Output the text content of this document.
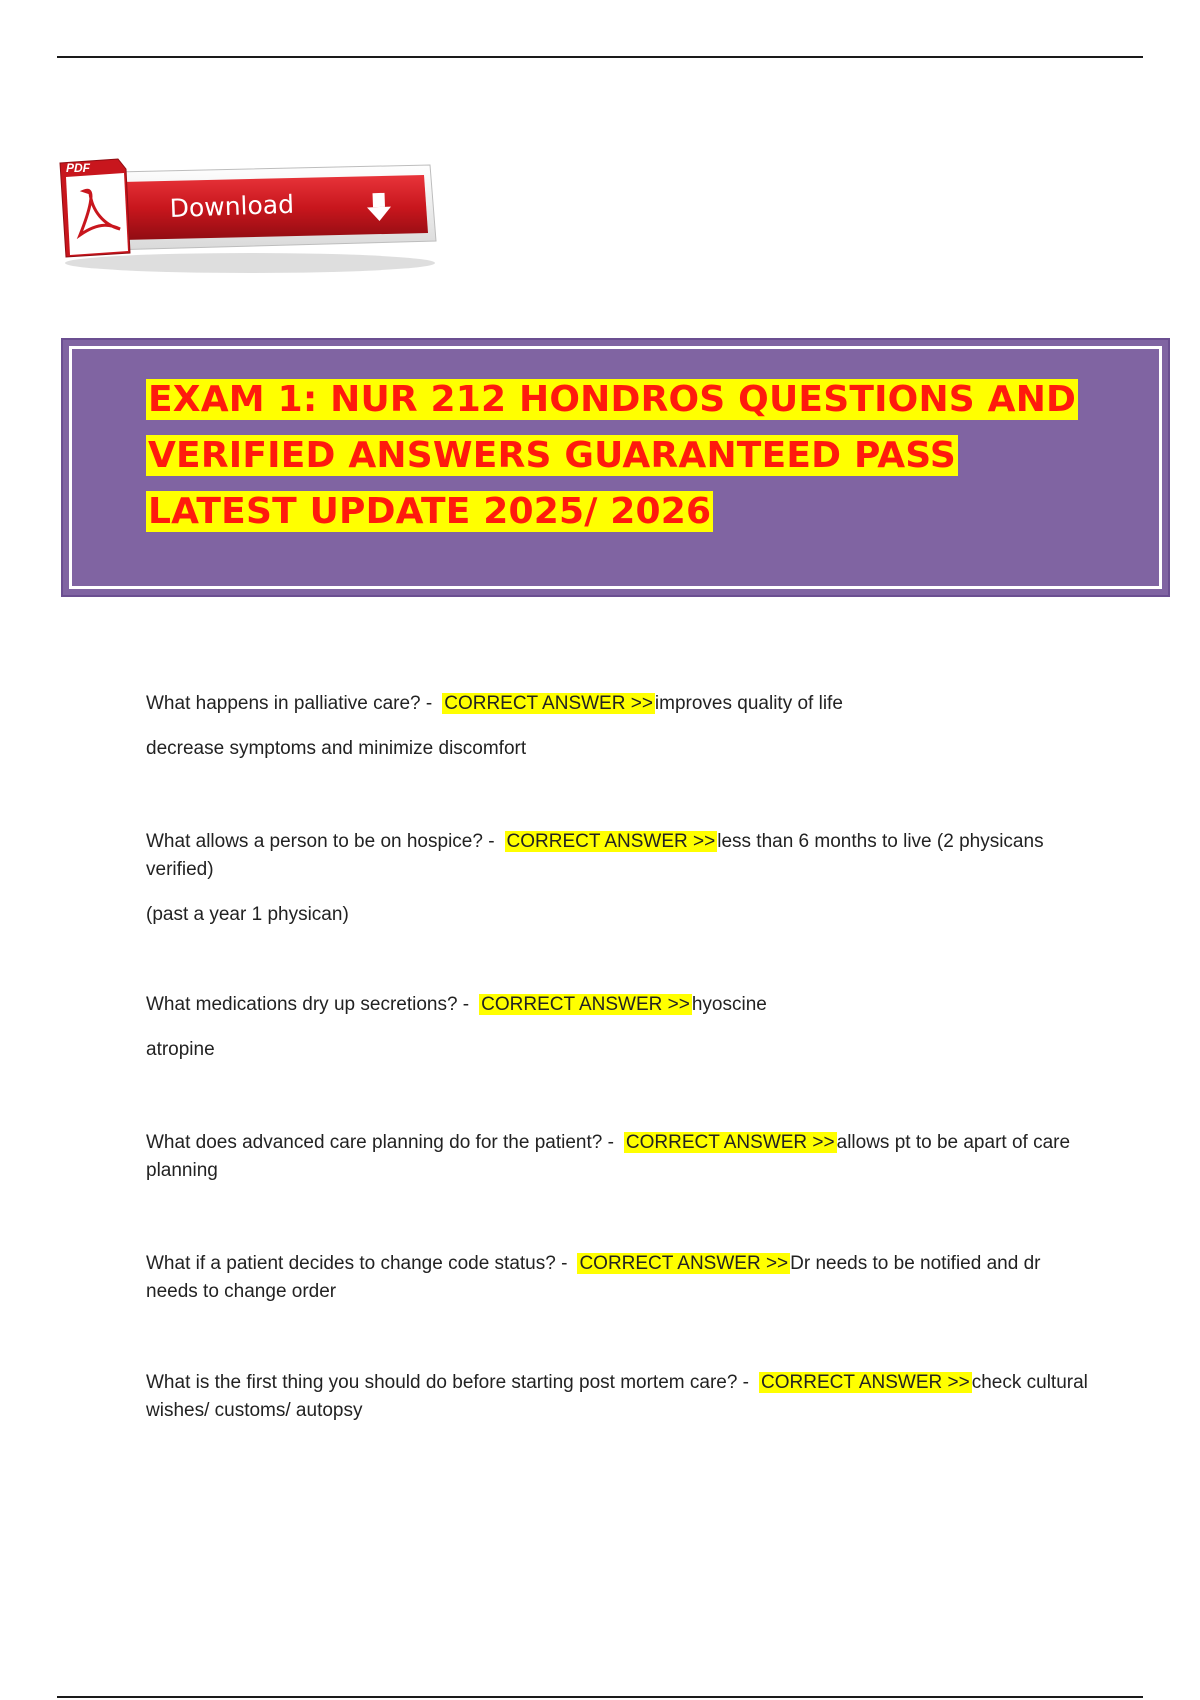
PDF
Download
EXAM 1: NUR 212 HONDROS QUESTIONS AND
VERIFIED ANSWERS GUARANTEED PASS
LATEST UPDATE 2025/ 2026

What happens in palliative care? - CORRECT ANSWER >> improves quality of life

decrease symptoms and minimize discomfort

What allows a person to be on hospice? - CORRECT ANSWER >> less than 6 months to live (2 physicans verified)

(past a year 1 physican)

What medications dry up secretions? - CORRECT ANSWER >> hyoscine

atropine

What does advanced care planning do for the patient? - CORRECT ANSWER >> allows pt to be apart of care planning

What if a patient decides to change code status? - CORRECT ANSWER >> Dr needs to be notified and dr needs to change order

What is the first thing you should do before starting post mortem care? - CORRECT ANSWER >> check cultural wishes/ customs/ autopsy
